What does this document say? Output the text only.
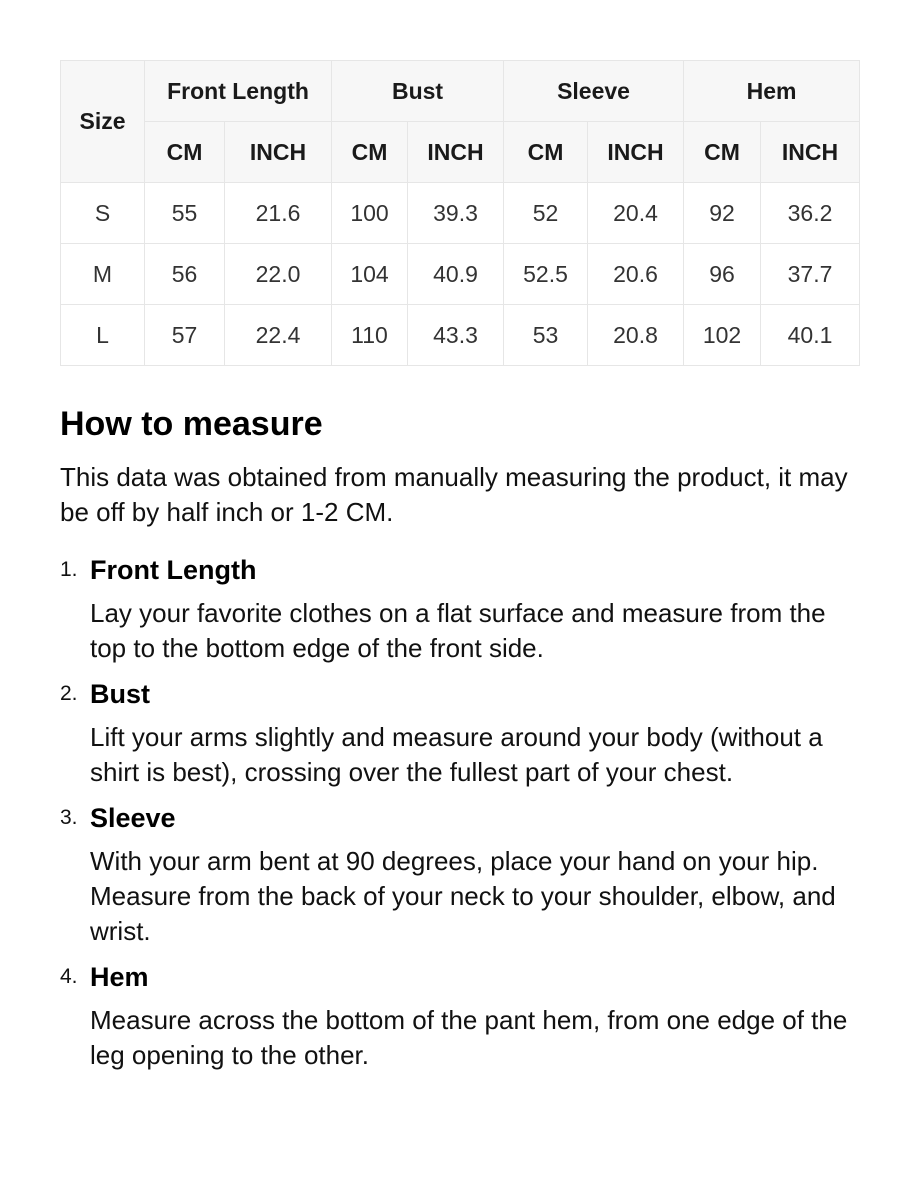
Size	Front Length		Bust		Sleeve		Hem	
	CM	INCH	CM	INCH	CM	INCH	CM	INCH
S	55	21.6	100	39.3	52	20.4	92	36.2
M	56	22.0	104	40.9	52.5	20.6	96	37.7
L	57	22.4	110	43.3	53	20.8	102	40.1
How to measure

This data was obtained from manually measuring the product, it may be off by half inch or 1-2 CM.

1. Front Length
Lay your favorite clothes on a flat surface and measure from the top to the bottom edge of the front side.
2. Bust
Lift your arms slightly and measure around your body (without a shirt is best), crossing over the fullest part of your chest.
3. Sleeve
With your arm bent at 90 degrees, place your hand on your hip. Measure from the back of your neck to your shoulder, elbow, and wrist.
4. Hem
Measure across the bottom of the pant hem, from one edge of the leg opening to the other.
